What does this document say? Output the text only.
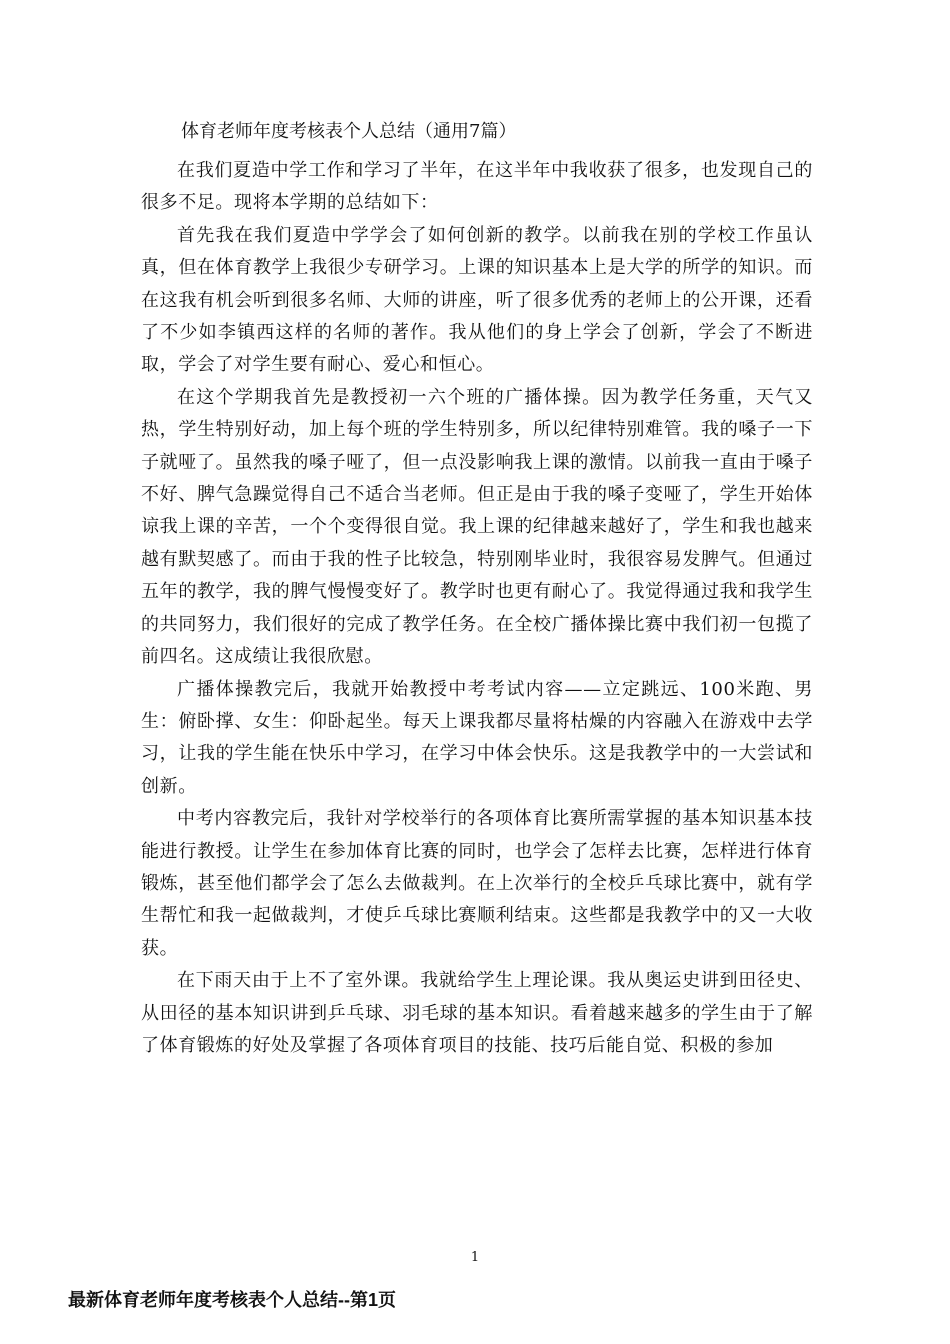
体育老师年度考核表个人总结（通用7篇）

在我们夏造中学工作和学习了半年，在这半年中我收获了很多，也发现自己的很多不足。现将本学期的总结如下：

首先我在我们夏造中学学会了如何创新的教学。以前我在别的学校工作虽认真，但在体育教学上我很少专研学习。上课的知识基本上是大学的所学的知识。而在这我有机会听到很多名师、大师的讲座，听了很多优秀的老师上的公开课，还看了不少如李镇西这样的名师的著作。我从他们的身上学会了创新，学会了不断进取，学会了对学生要有耐心、爱心和恒心。

在这个学期我首先是教授初一六个班的广播体操。因为教学任务重，天气又热，学生特别好动，加上每个班的学生特别多，所以纪律特别难管。我的嗓子一下子就哑了。虽然我的嗓子哑了，但一点没影响我上课的激情。以前我一直由于嗓子不好、脾气急躁觉得自己不适合当老师。但正是由于我的嗓子变哑了，学生开始体谅我上课的辛苦，一个个变得很自觉。我上课的纪律越来越好了，学生和我也越来越有默契感了。而由于我的性子比较急，特别刚毕业时，我很容易发脾气。但通过五年的教学，我的脾气慢慢变好了。教学时也更有耐心了。我觉得通过我和我学生的共同努力，我们很好的完成了教学任务。在全校广播体操比赛中我们初一包揽了前四名。这成绩让我很欣慰。

广播体操教完后，我就开始教授中考考试内容——立定跳远、100米跑、男生：俯卧撑、女生：仰卧起坐。每天上课我都尽量将枯燥的内容融入在游戏中去学习，让我的学生能在快乐中学习，在学习中体会快乐。这是我教学中的一大尝试和创新。

中考内容教完后，我针对学校举行的各项体育比赛所需掌握的基本知识基本技能进行教授。让学生在参加体育比赛的同时，也学会了怎样去比赛，怎样进行体育锻炼，甚至他们都学会了怎么去做裁判。在上次举行的全校乒乓球比赛中，就有学生帮忙和我一起做裁判，才使乒乓球比赛顺利结束。这些都是我教学中的又一大收获。

在下雨天由于上不了室外课。我就给学生上理论课。我从奥运史讲到田径史、从田径的基本知识讲到乒乓球、羽毛球的基本知识。看着越来越多的学生由于了解了体育锻炼的好处及掌握了各项体育项目的技能、技巧后能自觉、积极的参加

1
最新体育老师年度考核表个人总结--第1页
